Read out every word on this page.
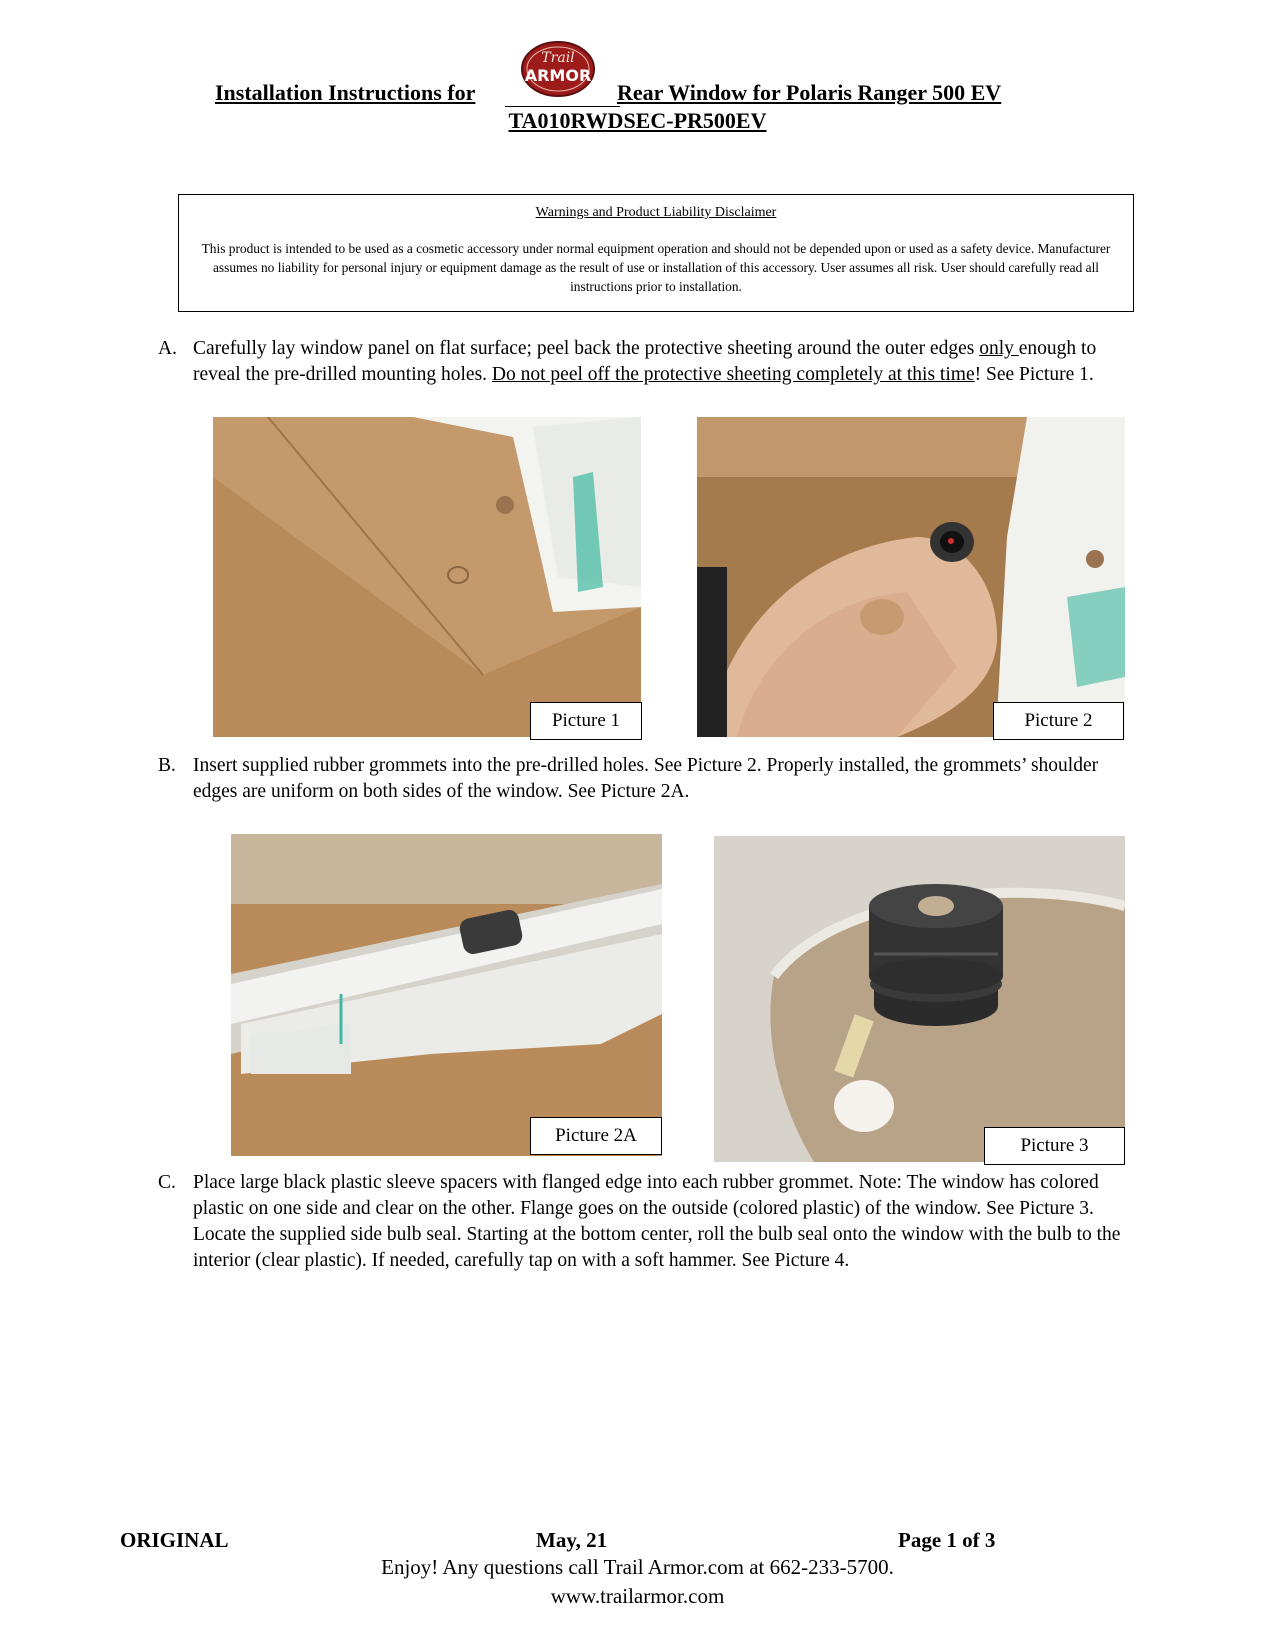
Trail
ARMOR
Installation Instructions for	Rear Window for Polaris Ranger 500 EV
TA010RWDSEC-PR500EV
Warnings and Product Liability Disclaimer
This product is intended to be used as a cosmetic accessory under normal equipment operation and should not be depended upon or used as a safety device. Manufacturer assumes no liability for personal injury or equipment damage as the result of use or installation of this accessory. User assumes all risk. User should carefully read all instructions prior to installation.
A. Carefully lay window panel on flat surface; peel back the protective sheeting around the outer edges only enough to reveal the pre-drilled mounting holes. Do not peel off the protective sheeting completely at this time! See Picture 1.
Picture 1	Picture 2
B. Insert supplied rubber grommets into the pre-drilled holes. See Picture 2. Properly installed, the grommets’ shoulder edges are uniform on both sides of the window. See Picture 2A.
Picture 2A	Picture 3
C. Place large black plastic sleeve spacers with flanged edge into each rubber grommet. Note: The window has colored plastic on one side and clear on the other. Flange goes on the outside (colored plastic) of the window. See Picture 3. Locate the supplied side bulb seal. Starting at the bottom center, roll the bulb seal onto the window with the bulb to the interior (clear plastic). If needed, carefully tap on with a soft hammer. See Picture 4.
ORIGINAL	May, 21	Page 1 of 3
Enjoy! Any questions call Trail Armor.com at 662-233-5700.
www.trailarmor.com
